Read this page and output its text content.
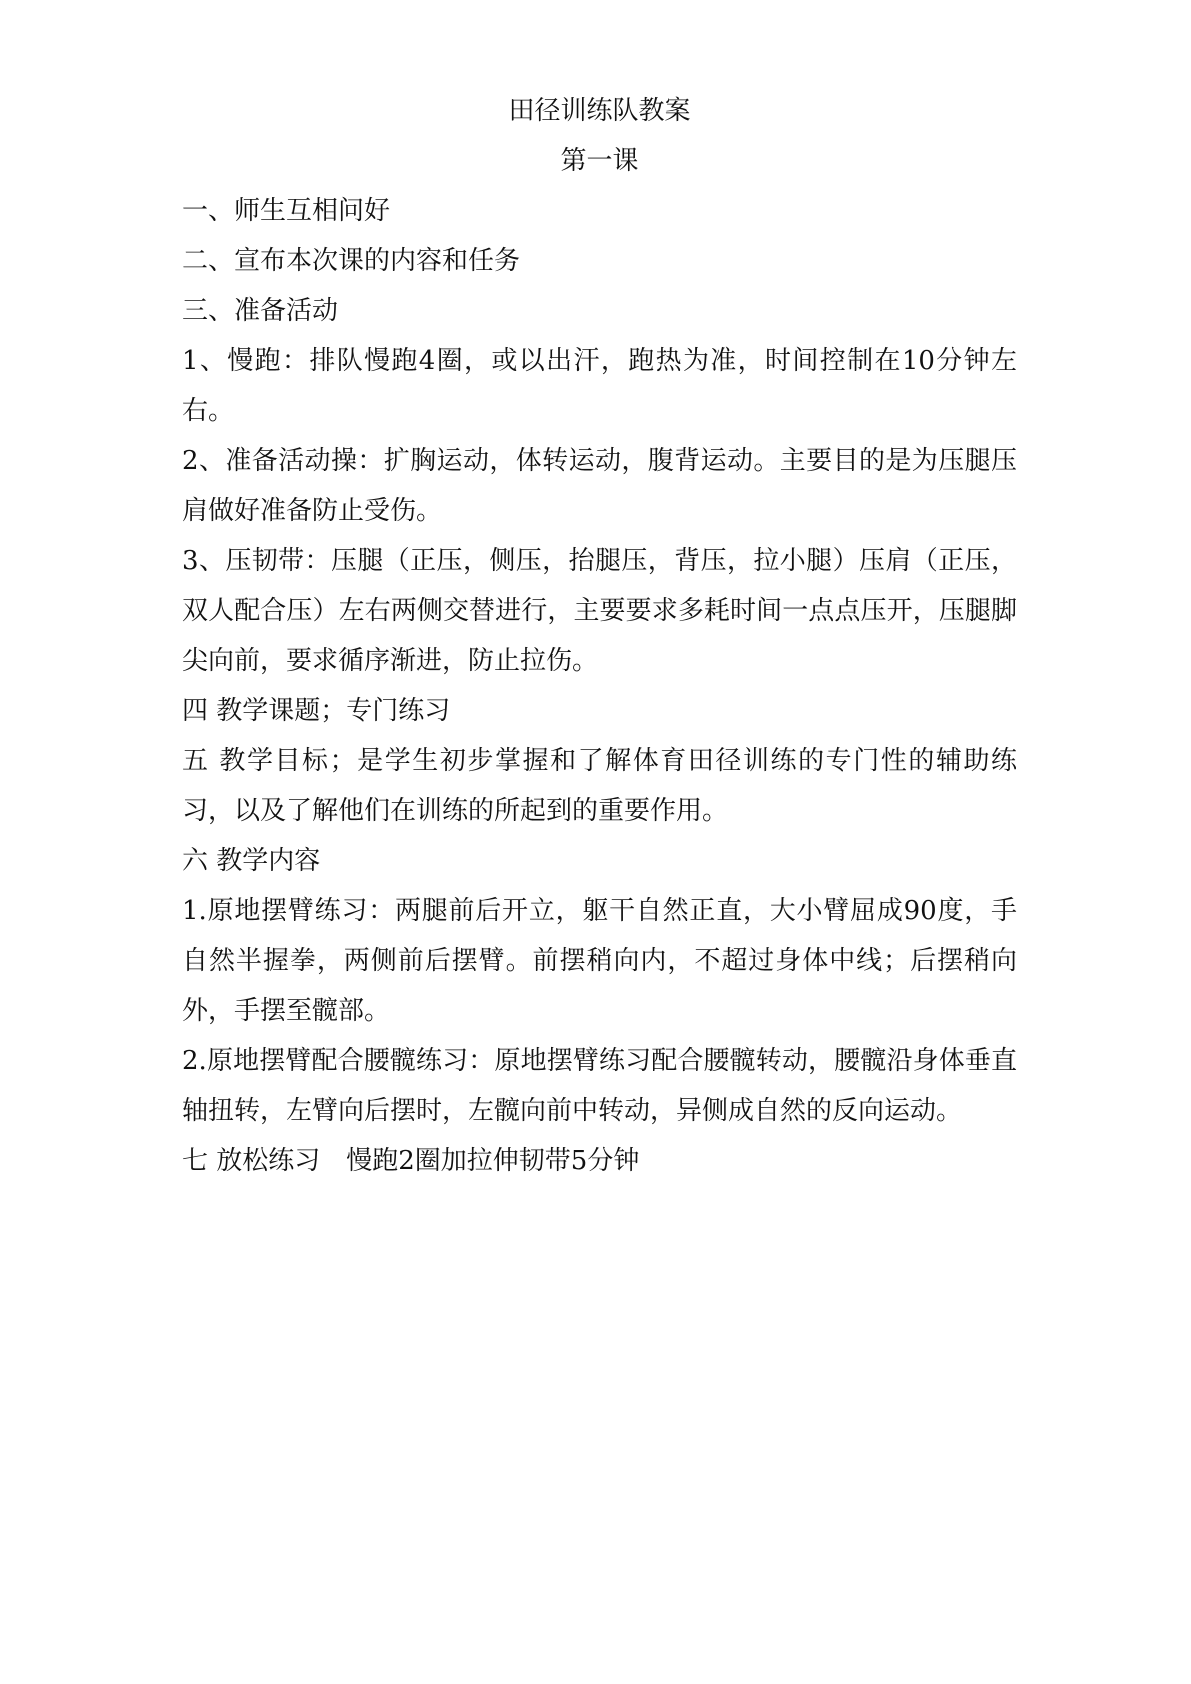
田径训练队教案

第一课

一、师生互相问好

二、宣布本次课的内容和任务

三、准备活动

1、慢跑：排队慢跑4圈，或以出汗，跑热为准，时间控制在10分钟左右。

2、准备活动操：扩胸运动，体转运动，腹背运动。主要目的是为压腿压肩做好准备防止受伤。

3、压韧带：压腿（正压，侧压，抬腿压，背压，拉小腿）压肩（正压，双人配合压）左右两侧交替进行，主要要求多耗时间一点点压开，压腿脚尖向前，要求循序渐进，防止拉伤。

四 教学课题；专门练习

五 教学目标；是学生初步掌握和了解体育田径训练的专门性的辅助练习，以及了解他们在训练的所起到的重要作用。

六 教学内容

1.原地摆臂练习：两腿前后开立，躯干自然正直，大小臂屈成90度，手自然半握拳，两侧前后摆臂。前摆稍向内，不超过身体中线；后摆稍向外，手摆至髋部。

2.原地摆臂配合腰髋练习：原地摆臂练习配合腰髋转动，腰髋沿身体垂直轴扭转，左臂向后摆时，左髋向前中转动，异侧成自然的反向运动。

七 放松练习　慢跑2圈加拉伸韧带5分钟
